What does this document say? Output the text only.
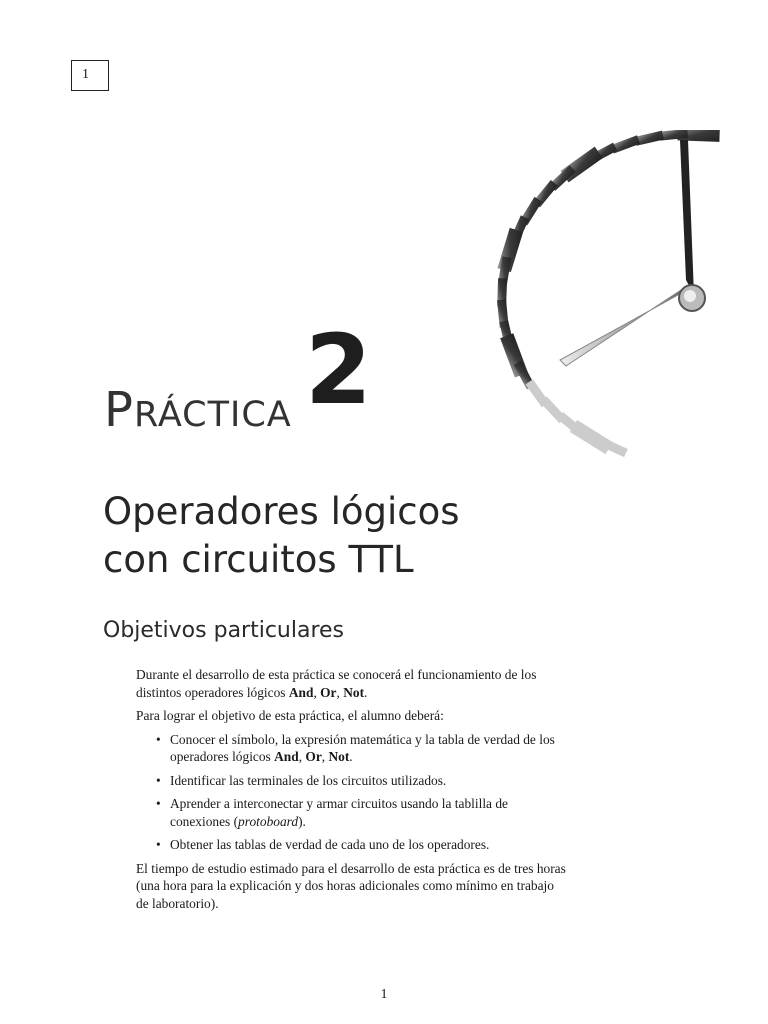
1
PRÁCTICA 2
Operadores lógicos
con circuitos TTL
Objetivos particulares

Durante el desarrollo de esta práctica se conocerá el funcionamiento de los distintos operadores lógicos And, Or, Not.

Para lograr el objetivo de esta práctica, el alumno deberá:

• Conocer el símbolo, la expresión matemática y la tabla de verdad de los operadores lógicos And, Or, Not.
• Identificar las terminales de los circuitos utilizados.
• Aprender a interconectar y armar circuitos usando la tablilla de conexiones (protoboard).
• Obtener las tablas de verdad de cada uno de los operadores.

El tiempo de estudio estimado para el desarrollo de esta práctica es de tres horas (una hora para la explicación y dos horas adicionales como mínimo en trabajo de laboratorio).

1
